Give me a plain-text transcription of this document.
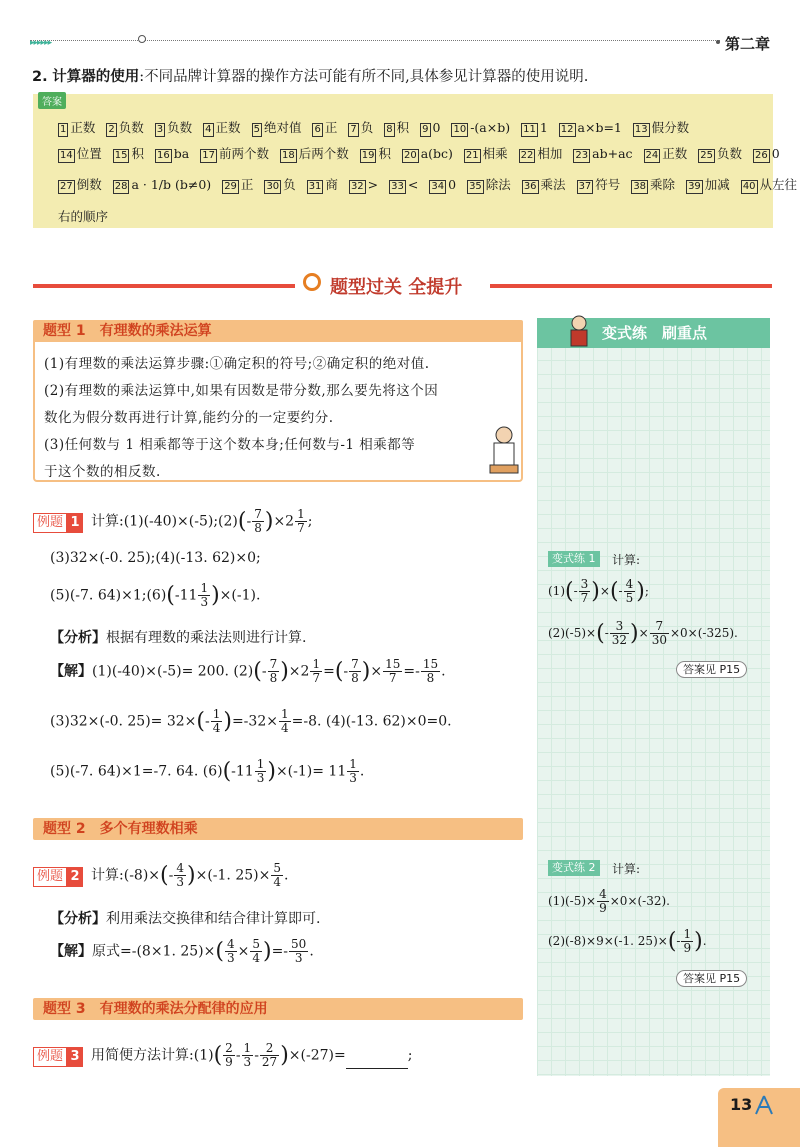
▸▸▸▸▸▸	第二章
2. 计算器的使用:不同品牌计算器的操作方法可能有所不同,具体参见计算器的使用说明.
答案
1 正数 2 负数 3 负数 4 正数 5 绝对值 6 正 7 负 8 积 9 0 10 -(a×b) 11 1 12 a×b=1 13 假分数
14 位置 15 积 16 ba 17 前两个数 18 后两个数 19 积 20 a(bc) 21 相乘 22 相加 23 ab+ac 24 正数 25 负数 26 0
27 倒数 28 a · 1/b (b≠0) 29 正 30 负 31 商 32 > 33 < 34 0 35 除法 36 乘法 37 符号 38 乘除 39 加减 40 从左往
右的顺序
题型过关 全提升
题型 1　有理数的乘法运算
(1)有理数的乘法运算步骤:①确定积的符号;②确定积的绝对值.
(2)有理数的乘法运算中,如果有因数是带分数,那么要先将这个因
数化为假分数再进行计算,能约分的一定要约分.
(3)任何数与 1 相乘都等于这个数本身;任何数与-1 相乘都等
于这个数的相反数.
例题 1 计算:(1)(-40)×(-5);(2)(- $\frac{7}{8} )\times 2 \frac{1}{7}$ ;
(3)32×(-0. 25);(4)(-13. 62)×0;
(5)(-7. 64)×1;(6)(-11 $\frac{1}{3} )\times(-1)$.
【分析】根据有理数的乘法法则进行计算.
【解】(1)(-40)×(-5)= 200. $(2)(- \frac{7}{8} )\times 2 \frac{1}{7}$ =(- $\frac{7}{8}$ )× $\frac{15}{7} =- \frac{15}{8}$ .
(3)32×(-0. $25)= 32\times(- \frac{1}{4} )=-32\times \frac{1}{4} =-8$. (4)(-13. 62)×0=0.
(5)(-7. 64)×1=-7. 64. $(6)(-11 \frac{1}{3} )\times(-1)= 11 \frac{1}{3}$ .
题型 2　多个有理数相乘
例题 2 计算:(-8)×(- $\frac{4}{3} )\times(-1$. $25)\times \frac{5}{4}$ .
【分析】利用乘法交换律和结合律计算即可.
【解】原式=-(8×1. $25)\times( \frac{4}{3} \times \frac{5}{4}$ )=- $\frac{50}{3}$ .
题型 3　有理数的乘法分配律的应用
例题 3 用简便方法计算:(1)( $\frac{2}{9} - \frac{1}{3} - \frac{2}{27} )\times(-27)=$	;
变式练　刷重点
变式练 1	计算:
$(1)(- \frac{3}{7}$ )×(- $\frac{4}{5}$ );
$(2)(-5)\times(- \frac{3}{32}$ )× $\frac{7}{30} \times 0\times(-325)$.
答案见 P15
变式练 2	计算:
$(1)(-5)\times \frac{4}{9} \times 0\times(-32)$.
(2)(-8)×9×(-1. $25)\times(- \frac{1}{9}$ ).
答案见 P15
13
